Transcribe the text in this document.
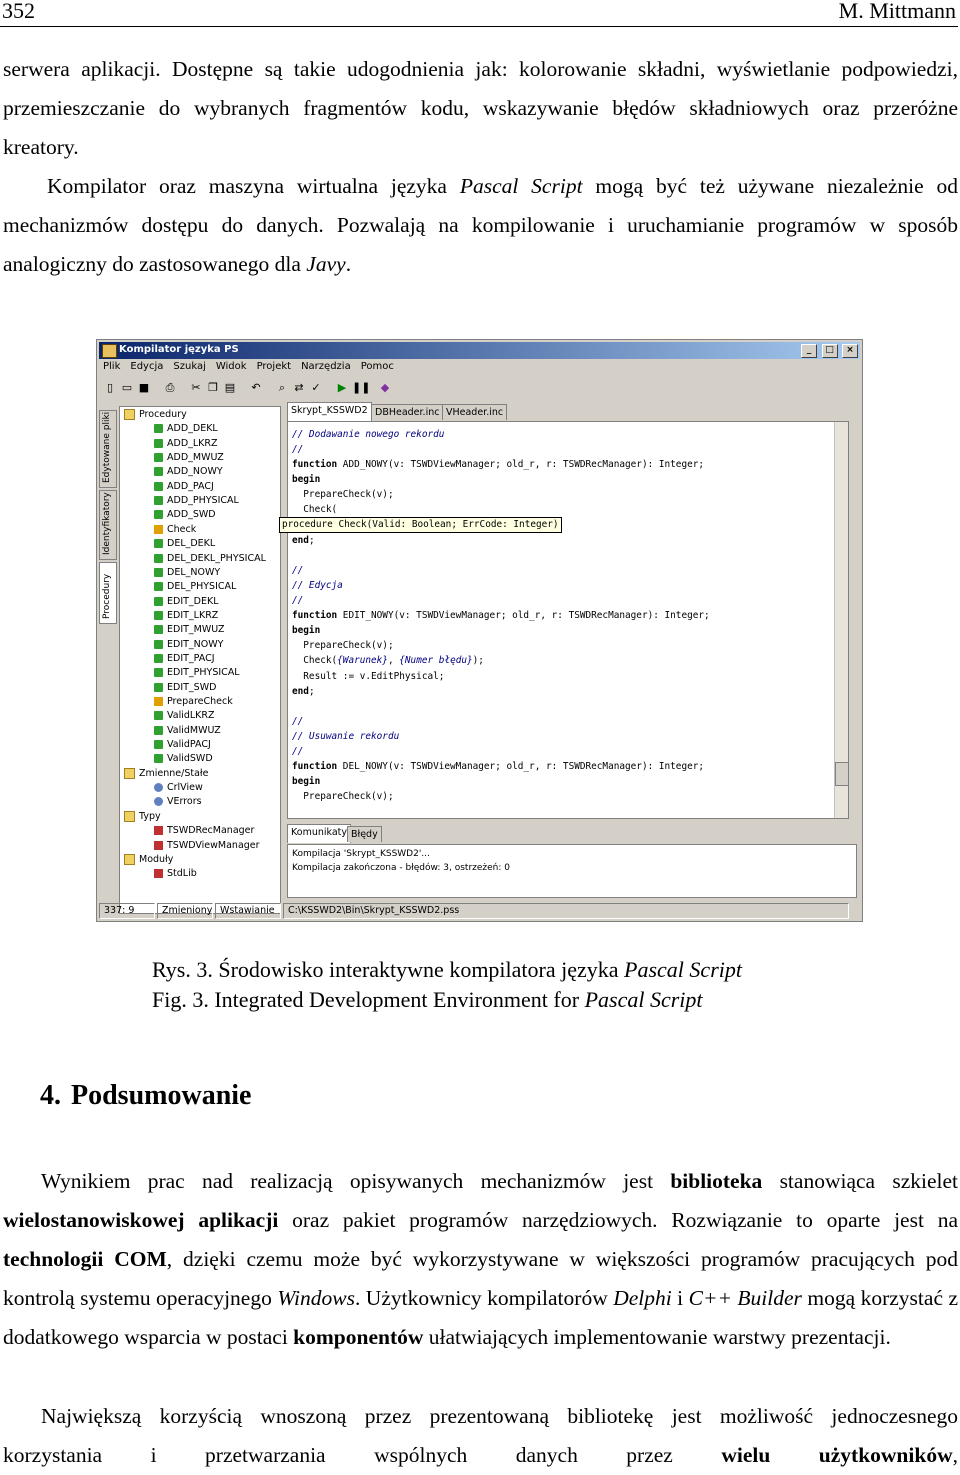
352	M. Mittmann
serwera aplikacji. Dostępne są takie udogodnienia jak: kolorowanie składni, wyświetlanie podpowiedzi, przemieszczanie do wybranych fragmentów kodu, wskazywanie błędów składniowych oraz przeróżne kreatory.
Kompilator oraz maszyna wirtualna języka Pascal Script mogą być też używane niezależnie od mechanizmów dostępu do danych. Pozwalają na kompilowanie i uruchamianie programów w sposób analogiczny do zastosowanego dla Javy.
Kompilator języka PS	_ □ ×
Plik Edycja Szukaj Widok Projekt Narzędzia Pomoc
▯ ▭ ■ ⎙ ✂ ❐ ▤ ↶	⌕ ⇄ ✓ ▶ ❚❚ ◆
Edytowane pliki
Identyfikatory
Procedury
Procedury
ADD_DEKL
ADD_LKRZ
ADD_MWUZ
ADD_NOWY
ADD_PACJ
ADD_PHYSICAL
ADD_SWD
Check
DEL_DEKL
DEL_DEKL_PHYSICAL
DEL_NOWY
DEL_PHYSICAL
EDIT_DEKL
EDIT_LKRZ
EDIT_MWUZ
EDIT_NOWY
EDIT_PACJ
EDIT_PHYSICAL
EDIT_SWD
PrepareCheck
ValidLKRZ
ValidMWUZ
ValidPACJ
ValidSWD
Zmienne/Stałe
CrlView
VErrors
Typy
TSWDRecManager
TSWDViewManager
Moduły
StdLib
Skrypt_KSSWD2 DBHeader.inc VHeader.inc
// Dodawanie nowego rekordu
//
function ADD_NOWY(v: TSWDViewManager; old_r, r: TSWDRecManager): Integer;
begin
PrepareCheck(v);
Check(

end;

//
// Edycja
//
function EDIT_NOWY(v: TSWDViewManager; old_r, r: TSWDRecManager): Integer;
begin
PrepareCheck(v);
Check({Warunek}, {Numer błędu});
Result := v.EditPhysical;
end;

//
// Usuwanie rekordu
//
function DEL_NOWY(v: TSWDViewManager; old_r, r: TSWDRecManager): Integer;
begin
PrepareCheck(v);
procedure Check(Valid: Boolean; ErrCode: Integer)
Komunikaty Błędy
Kompilacja 'Skrypt_KSSWD2'...
Kompilacja zakończona - błędów: 3, ostrzeżeń: 0
337: 9	Zmieniony Wstawianie	C:\KSSWD2\Bin\Skrypt_KSSWD2.pss
Rys. 3. Środowisko interaktywne kompilatora języka Pascal Script
Fig. 3. Integrated Development Environment for Pascal Script
4. Podsumowanie
Wynikiem prac nad realizacją opisywanych mechanizmów jest biblioteka stanowiąca szkielet wielostanowiskowej aplikacji oraz pakiet programów narzędziowych. Rozwiązanie to oparte jest na technologii COM, dzięki czemu może być wykorzystywane w większości programów pracujących pod kontrolą systemu operacyjnego Windows. Użytkownicy kompilatorów Delphi i C++ Builder mogą korzystać z dodatkowego wsparcia w postaci komponentów ułatwiających implementowanie warstwy prezentacji.
Największą korzyścią wnoszoną przez prezentowaną bibliotekę jest możliwość jednoczesnego korzystania i przetwarzania wspólnych danych przez wielu użytkowników,
